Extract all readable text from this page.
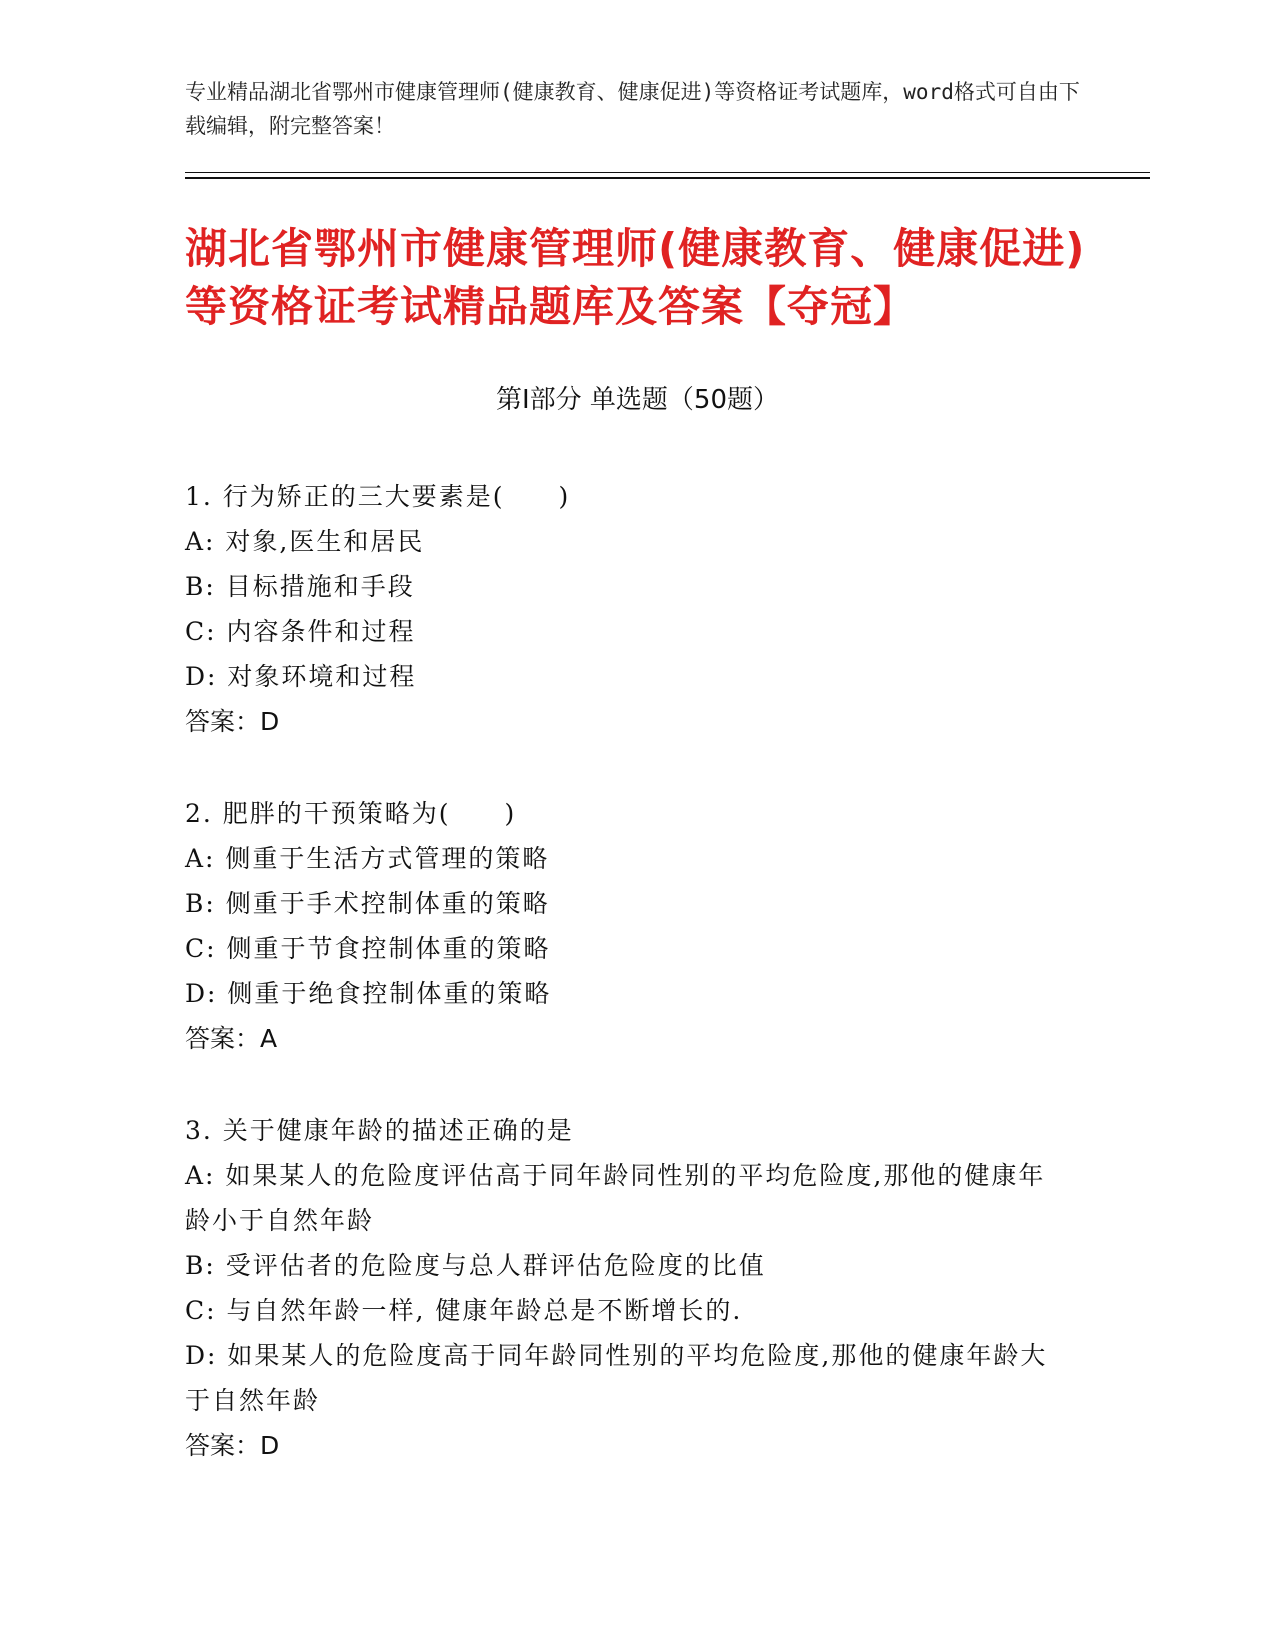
专业精品湖北省鄂州市健康管理师(健康教育、健康促进)等资格证考试题库，word格式可自由下载编辑，附完整答案！
湖北省鄂州市健康管理师(健康教育、健康促进)等资格证考试精品题库及答案【夺冠】
第Ⅰ部分 单选题（50题）
1. 行为矫正的三大要素是(　　)
A: 对象,医生和居民
B: 目标措施和手段
C: 内容条件和过程
D: 对象环境和过程
答案：D
2. 肥胖的干预策略为(　　)
A: 侧重于生活方式管理的策略
B: 侧重于手术控制体重的策略
C: 侧重于节食控制体重的策略
D: 侧重于绝食控制体重的策略
答案：A
3. 关于健康年龄的描述正确的是
A: 如果某人的危险度评估高于同年龄同性别的平均危险度,那他的健康年龄小于自然年龄
B: 受评估者的危险度与总人群评估危险度的比值
C: 与自然年龄一样, 健康年龄总是不断增长的.
D: 如果某人的危险度高于同年龄同性别的平均危险度,那他的健康年龄大于自然年龄
答案：D
